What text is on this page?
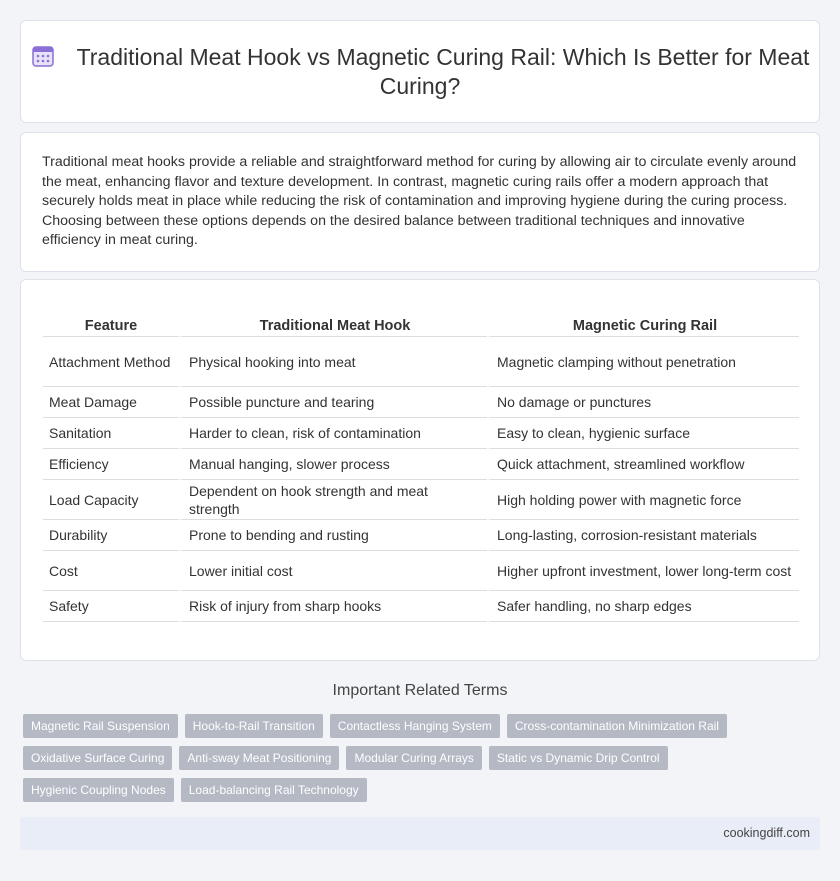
Traditional Meat Hook vs Magnetic Curing Rail: Which Is Better for Meat Curing?

Traditional meat hooks provide a reliable and straightforward method for curing by allowing air to circulate evenly around the meat, enhancing flavor and texture development. In contrast, magnetic curing rails offer a modern approach that securely holds meat in place while reducing the risk of contamination and improving hygiene during the curing process. Choosing between these options depends on the desired balance between traditional techniques and innovative efficiency in meat curing.

Feature	Traditional Meat Hook	Magnetic Curing Rail
Attachment Method	Physical hooking into meat	Magnetic clamping without penetration
Meat Damage	Possible puncture and tearing	No damage or punctures
Sanitation	Harder to clean, risk of contamination	Easy to clean, hygienic surface
Efficiency	Manual hanging, slower process	Quick attachment, streamlined workflow
Load Capacity	Dependent on hook strength and meat strength	High holding power with magnetic force
Durability	Prone to bending and rusting	Long-lasting, corrosion-resistant materials
Cost	Lower initial cost	Higher upfront investment, lower long-term cost
Safety	Risk of injury from sharp hooks	Safer handling, no sharp edges
Important Related Terms
Magnetic Rail Suspension	Hook-to-Rail Transition	Contactless Hanging System	Cross-contamination Minimization Rail
Oxidative Surface Curing	Anti-sway Meat Positioning	Modular Curing Arrays	Static vs Dynamic Drip Control
Hygienic Coupling Nodes	Load-balancing Rail Technology
cookingdiff.com
